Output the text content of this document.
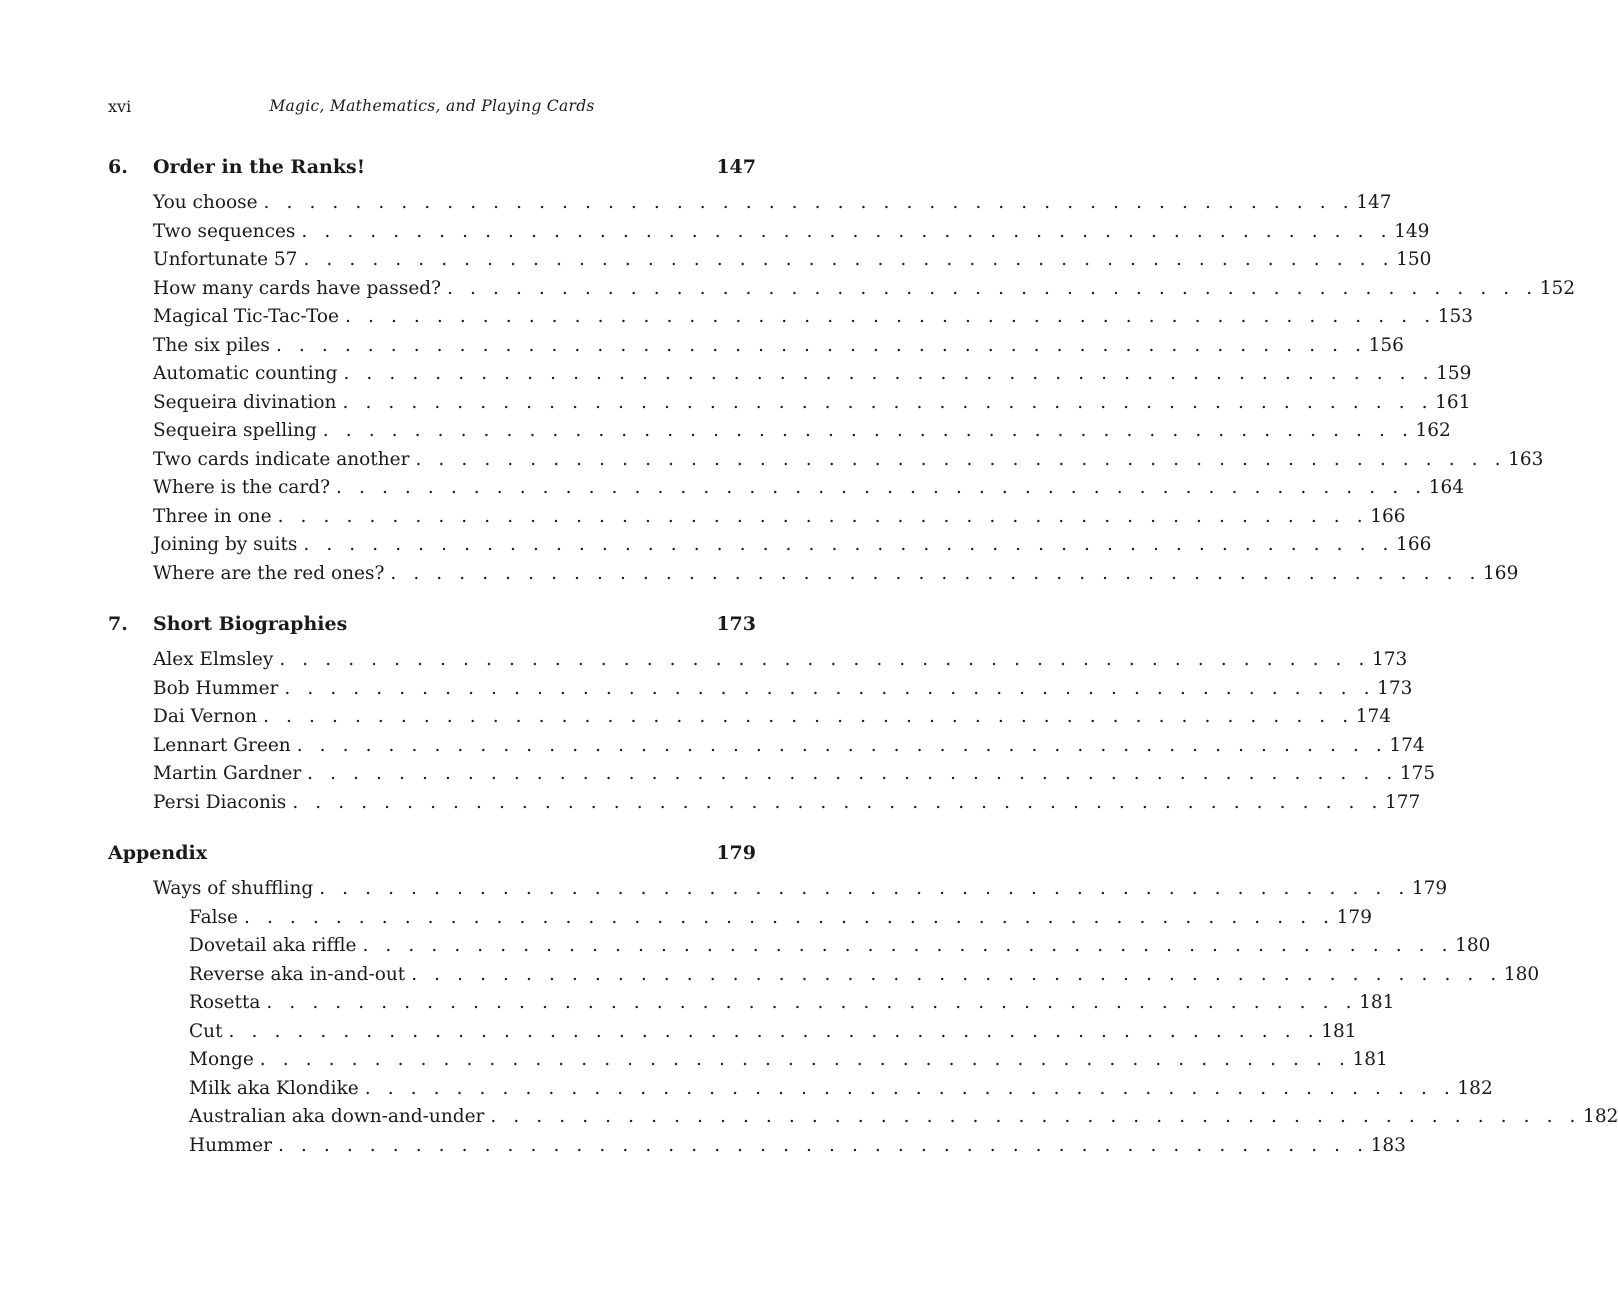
xvi	Magic, Mathematics, and Playing Cards
6.	Order in the Ranks!	147
You choose . . . . . . . . . . . . . . . . . . . . . . . . . . . . . . . . . . . . . . . . . . . . . . . . 147
Two sequences . . . . . . . . . . . . . . . . . . . . . . . . . . . . . . . . . . . . . . . . . . . . . . . . 149
Unfortunate 57 . . . . . . . . . . . . . . . . . . . . . . . . . . . . . . . . . . . . . . . . . . . . . . . . 150
How many cards have passed? . . . . . . . . . . . . . . . . . . . . . . . . . . . . . . . . . . . . . . . . . . . . . . . . 152
Magical Tic-Tac-Toe . . . . . . . . . . . . . . . . . . . . . . . . . . . . . . . . . . . . . . . . . . . . . . . . 153
The six piles . . . . . . . . . . . . . . . . . . . . . . . . . . . . . . . . . . . . . . . . . . . . . . . . 156
Automatic counting . . . . . . . . . . . . . . . . . . . . . . . . . . . . . . . . . . . . . . . . . . . . . . . . 159
Sequeira divination . . . . . . . . . . . . . . . . . . . . . . . . . . . . . . . . . . . . . . . . . . . . . . . . 161
Sequeira spelling . . . . . . . . . . . . . . . . . . . . . . . . . . . . . . . . . . . . . . . . . . . . . . . . 162
Two cards indicate another . . . . . . . . . . . . . . . . . . . . . . . . . . . . . . . . . . . . . . . . . . . . . . . . 163
Where is the card? . . . . . . . . . . . . . . . . . . . . . . . . . . . . . . . . . . . . . . . . . . . . . . . . 164
Three in one . . . . . . . . . . . . . . . . . . . . . . . . . . . . . . . . . . . . . . . . . . . . . . . . 166
Joining by suits . . . . . . . . . . . . . . . . . . . . . . . . . . . . . . . . . . . . . . . . . . . . . . . . 166
Where are the red ones? . . . . . . . . . . . . . . . . . . . . . . . . . . . . . . . . . . . . . . . . . . . . . . . . 169
7.	Short Biographies	173
Alex Elmsley . . . . . . . . . . . . . . . . . . . . . . . . . . . . . . . . . . . . . . . . . . . . . . . . 173
Bob Hummer . . . . . . . . . . . . . . . . . . . . . . . . . . . . . . . . . . . . . . . . . . . . . . . . 173
Dai Vernon . . . . . . . . . . . . . . . . . . . . . . . . . . . . . . . . . . . . . . . . . . . . . . . . 174
Lennart Green . . . . . . . . . . . . . . . . . . . . . . . . . . . . . . . . . . . . . . . . . . . . . . . . 174
Martin Gardner . . . . . . . . . . . . . . . . . . . . . . . . . . . . . . . . . . . . . . . . . . . . . . . . 175
Persi Diaconis . . . . . . . . . . . . . . . . . . . . . . . . . . . . . . . . . . . . . . . . . . . . . . . . 177
Appendix	179
Ways of shuffling . . . . . . . . . . . . . . . . . . . . . . . . . . . . . . . . . . . . . . . . . . . . . . . . 179
False . . . . . . . . . . . . . . . . . . . . . . . . . . . . . . . . . . . . . . . . . . . . . . . . 179
Dovetail aka riffle . . . . . . . . . . . . . . . . . . . . . . . . . . . . . . . . . . . . . . . . . . . . . . . . 180
Reverse aka in-and-out . . . . . . . . . . . . . . . . . . . . . . . . . . . . . . . . . . . . . . . . . . . . . . . . 180
Rosetta . . . . . . . . . . . . . . . . . . . . . . . . . . . . . . . . . . . . . . . . . . . . . . . . 181
Cut . . . . . . . . . . . . . . . . . . . . . . . . . . . . . . . . . . . . . . . . . . . . . . . . 181
Monge . . . . . . . . . . . . . . . . . . . . . . . . . . . . . . . . . . . . . . . . . . . . . . . . 181
Milk aka Klondike . . . . . . . . . . . . . . . . . . . . . . . . . . . . . . . . . . . . . . . . . . . . . . . . 182
Australian aka down-and-under . . . . . . . . . . . . . . . . . . . . . . . . . . . . . . . . . . . . . . . . . . . . . . . . 182
Hummer . . . . . . . . . . . . . . . . . . . . . . . . . . . . . . . . . . . . . . . . . . . . . . . . 183
